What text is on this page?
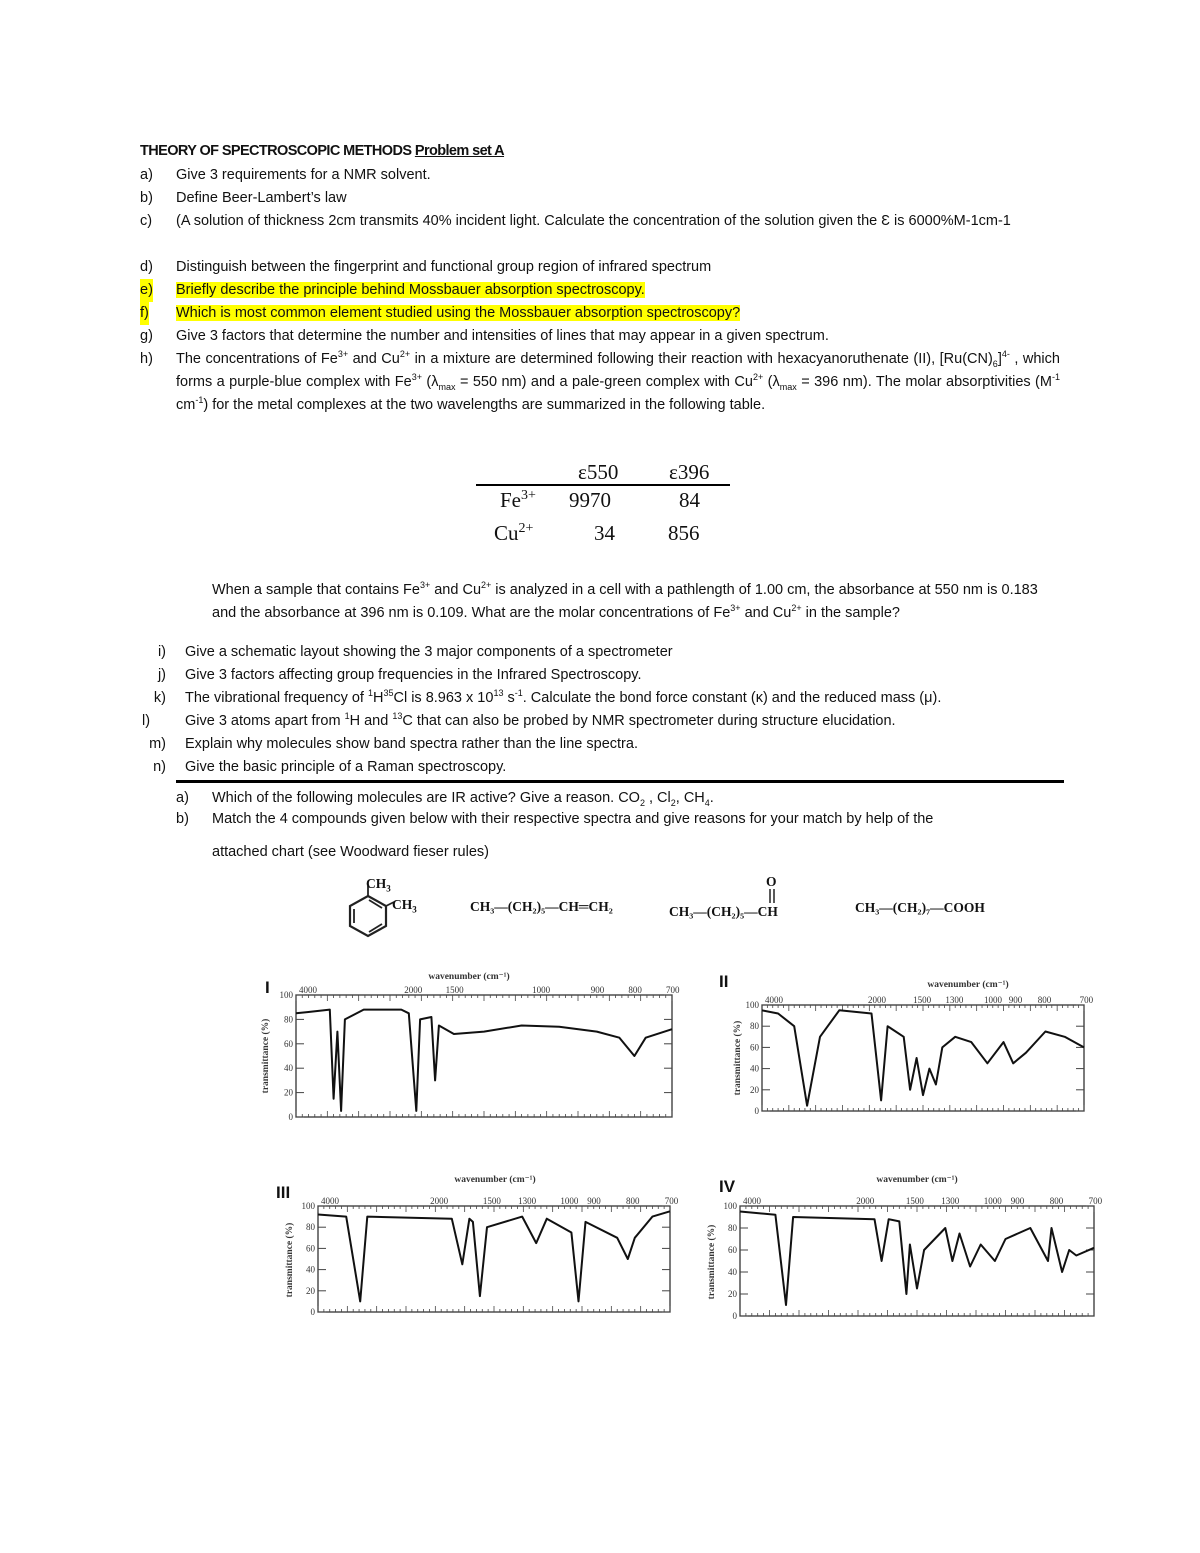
THEORY OF SPECTROSCOPIC METHODS Problem set A
a) Give 3 requirements for a NMR solvent.
b) Define Beer-Lambert’s law
c) (A solution of thickness 2cm transmits 40% incident light. Calculate the concentration of the solution given the Ɛ is 6000%M-1cm-1
d) Distinguish between the fingerprint and functional group region of infrared spectrum
e) Briefly describe the principle behind Mossbauer absorption spectroscopy.
f) Which is most common element studied using the Mossbauer absorption spectroscopy?
g) Give 3 factors that determine the number and intensities of lines that may appear in a given spectrum.
h) The concentrations of $Fe^{3+}$ and $Cu^{2+}$ in a mixture are determined following their reaction with hexacyanoruthenate (II), $[Ru(CN)_6]^{4-}$ , which forms a purple-blue complex with $Fe^{3+}$ ($\lambda_{max} = 550$ nm) and a pale-green complex with $Cu^{2+}$ ($\lambda_{max} = 396$ nm). The molar absorptivities ($M^{-1}$ $cm^{-1}$) for the metal complexes at the two wavelengths are summarized in the following table.
ε550 ε396
$Fe^{3+}$ 9970	84
$Cu^{2+}$	34	856
When a sample that contains $Fe^{3+}$ and $Cu^{2+}$ is analyzed in a cell with a pathlength of 1.00 cm, the absorbance at 550 nm is 0.183 and the absorbance at 396 nm is 0.109. What are the molar concentrations of $Fe^{3+}$ and $Cu^{2+}$ in the sample?
i) Give a schematic layout showing the 3 major components of a spectrometer
j) Give 3 factors affecting group frequencies in the Infrared Spectroscopy.
k) The vibrational frequency of $^1H^{35}Cl$ is 8.963 x $10^{13}$ $s^{-1}$. Calculate the bond force constant (κ) and the reduced mass (μ).
l)	Give 3 atoms apart from $^1$H and $^{13}$C that can also be probed by NMR spectrometer during structure elucidation.
m) Explain why molecules show band spectra rather than the line spectra.
n) Give the basic principle of a Raman spectroscopy.
a) Which of the following molecules are IR active? Give a reason. $CO_2$ , $Cl_2$, $CH_4$.
b) Match the 4 compounds given below with their respective spectra and give reasons for your match by help of the
attached chart (see Woodward fieser rules)
$CH_3$
$CH_3$	CH₃—(CH₂)₅—CH═CH₂
O
CH₃—(CH₂)₅—CH	CH₃—(CH₂)₇—COOH
I	II
III	IV
100
80
60
40
20
0
4000	2000	1500	1000	900	800	700
wavenumber (cm⁻¹)
transmittance (%)
100
80
60
40
20
0
4000	2000	1500 1300 1000 900 800	700
wavenumber (cm⁻¹)
transmittance (%)
100
80
60
40
20
0
4000	2000	1500 1300	1000 900	800	700
wavenumber (cm⁻¹)
transmittance (%)
100
80
60
40
20
0
4000	2000	1500 1300	1000 900	800	700
wavenumber (cm⁻¹)
transmittance (%)
